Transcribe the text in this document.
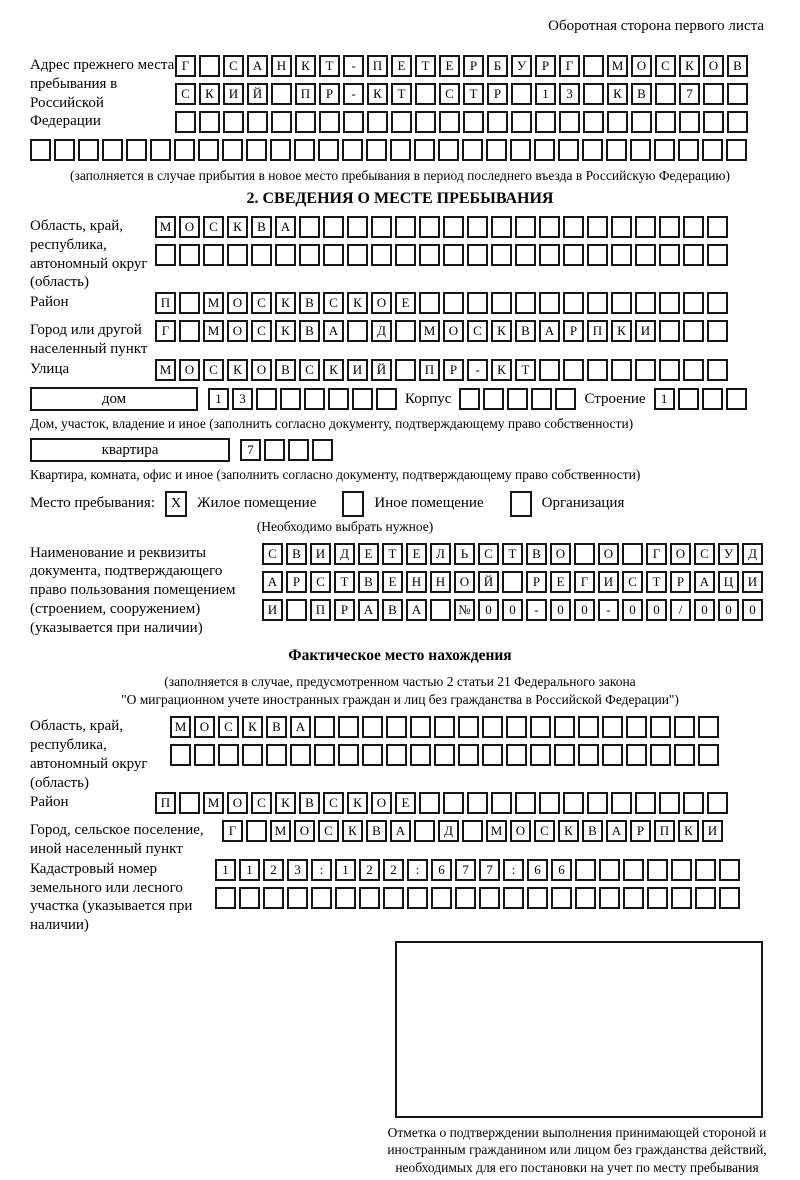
Оборотная сторона первого листа
Адрес прежнего места пребывания в Российской Федерации
Г	С	А	Н	К	Т	-	П	Е	Т	Е	Р	Б	У	Р	Г	М	О	С	К	О	В
С	К	И	Й	П	Р	-	К	Т	С	Т	Р	1	3	К	В	7
(заполняется в случае прибытия в новое место пребывания в период последнего въезда в Российскую Федерацию)
2. СВЕДЕНИЯ О МЕСТЕ ПРЕБЫВАНИЯ
Область, край, республика, автономный округ (область)
М	О	С	К	В	А
Район	П	М	О	С	К	В	С	К	О	Е
Город или другой населенный пункт
Г	М	О	С	К	В	А	Д	М	О	С	К	В	А	Р	П	К	И
Улица	М	О	С	К	О	В	С	К	И	Й	П	Р	-	К	Т
дом	1	3	Корпус	Строение	1
Дом, участок, владение и иное (заполнить согласно документу, подтверждающему право собственности)
квартира	7
Квартира, комната, офис и иное (заполнить согласно документу, подтверждающему право собственности)
Место пребывания:	X	Жилое помещение	Иное помещение	Организация
(Необходимо выбрать нужное)
Наименование и реквизиты документа, подтверждающего право пользования помещением (строением, сооружением) (указывается при наличии)
С	В	И	Д	Е	Т	Е	Л	Ь	С	Т	В	О	О	Г	О	С	У	Д
А	Р	С	Т	В	Е	Н	Н	О	Й	Р	Е	Г	И	С	Т	Р	А	Ц	И
И	П	Р	А	В	А	№	0	0	-	0	0	-	0	0	/	0	0	0
Фактическое место нахождения
(заполняется в случае, предусмотренном частью 2 статьи 21 Федерального закона
"О миграционном учете иностранных граждан и лиц без гражданства в Российской Федерации")
Область, край, республика, автономный округ (область)
М	О	С	К	В	А
Район	П	М	О	С	К	В	С	К	О	Е
Город, сельское поселение, иной населенный пункт
Г	М	О	С	К	В	А	Д	М	О	С	К	В	А	Р	П	К	И
Кадастровый номер земельного или лесного участка (указывается при наличии)
1	1	2	3	:	1	2	2	:	6	7	7	:	6	6
Отметка о подтверждении выполнения принимающей стороной и иностранным гражданином или лицом без гражданства действий, необходимых для его постановки на учет по месту пребывания
